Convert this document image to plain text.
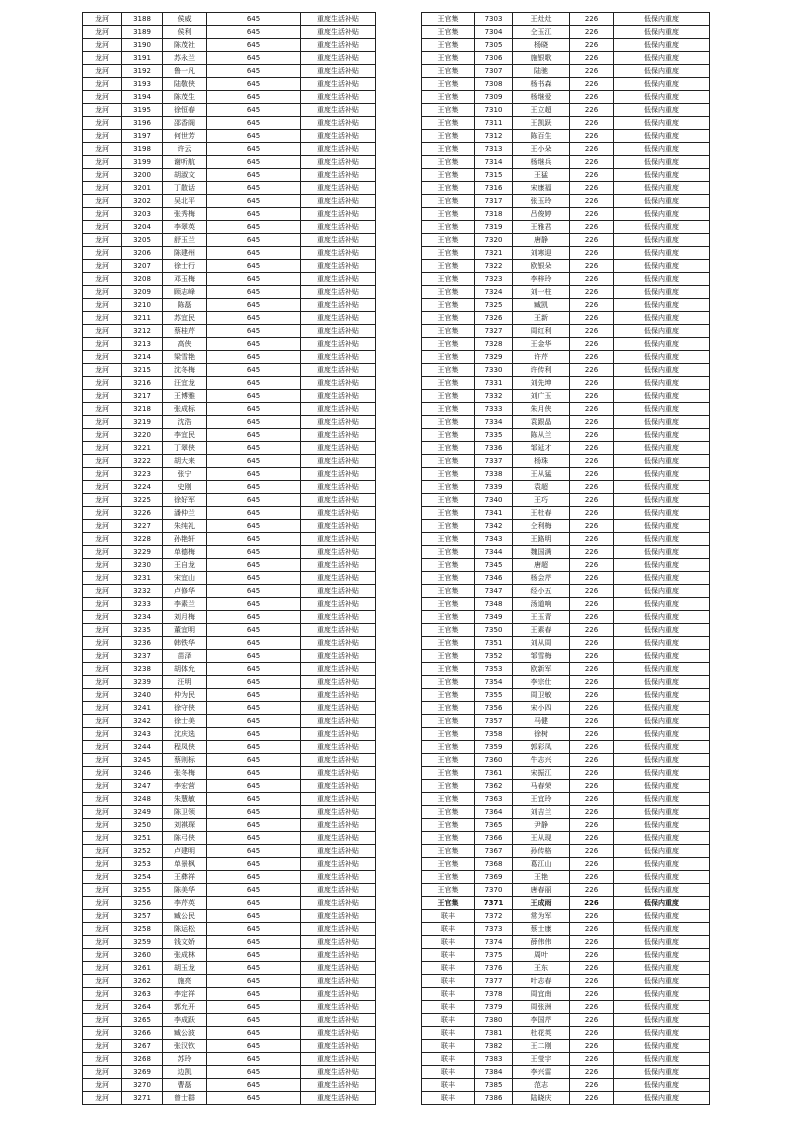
龙河	3188	侯威	645	重度生活补贴
龙河	3189	侯利	645	重度生活补贴
龙河	3190	陈茂社	645	重度生活补贴
龙河	3191	苏永兰	645	重度生活补贴
龙河	3192	鲁一凡	645	重度生活补贴
龙河	3193	陆敬侠	645	重度生活补贴
龙河	3194	陈茂生	645	重度生活补贴
龙河	3195	徐恒春	645	重度生活补贴
龙河	3196	邵香阁	645	重度生活补贴
龙河	3197	何世芳	645	重度生活补贴
龙河	3198	许云	645	重度生活补贴
龙河	3199	谢听航	645	重度生活补贴
龙河	3200	胡淑文	645	重度生活补贴
龙河	3201	丁散话	645	重度生活补贴
龙河	3202	吴北平	645	重度生活补贴
龙河	3203	张秀梅	645	重度生活补贴
龙河	3204	李翠英	645	重度生活补贴
龙河	3205	舒玉兰	645	重度生活补贴
龙河	3206	陈建州	645	重度生活补贴
龙河	3207	徐士行	645	重度生活补贴
龙河	3208	邓玉梅	645	重度生活补贴
龙河	3209	顾志峰	645	重度生活补贴
龙河	3210	陈磊	645	重度生活补贴
龙河	3211	苏宜民	645	重度生活补贴
龙河	3212	蔡桂芹	645	重度生活补贴
龙河	3213	高侠	645	重度生活补贴
龙河	3214	梁雪艳	645	重度生活补贴
龙河	3215	沈冬梅	645	重度生活补贴
龙河	3216	汪宜龙	645	重度生活补贴
龙河	3217	王博雅	645	重度生活补贴
龙河	3218	张成标	645	重度生活补贴
龙河	3219	沈浩	645	重度生活补贴
龙河	3220	李宜民	645	重度生活补贴
龙河	3221	丁翠侠	645	重度生活补贴
龙河	3222	胡大来	645	重度生活补贴
龙河	3223	张宁	645	重度生活补贴
龙河	3224	史刚	645	重度生活补贴
龙河	3225	徐好军	645	重度生活补贴
龙河	3226	潘仲兰	645	重度生活补贴
龙河	3227	朱纯礼	645	重度生活补贴
龙河	3228	孙艳轩	645	重度生活补贴
龙河	3229	单德梅	645	重度生活补贴
龙河	3230	王自龙	645	重度生活补贴
龙河	3231	宋宜山	645	重度生活补贴
龙河	3232	卢修华	645	重度生活补贴
龙河	3233	李素兰	645	重度生活补贴
龙河	3234	刘月梅	645	重度生活补贴
龙河	3235	董宜明	645	重度生活补贴
龙河	3236	韩铁华	645	重度生活补贴
龙河	3237	苗泽	645	重度生活补贴
龙河	3238	胡体允	645	重度生活补贴
龙河	3239	汪明	645	重度生活补贴
龙河	3240	仲为民	645	重度生活补贴
龙河	3241	徐守侠	645	重度生活补贴
龙河	3242	徐士美	645	重度生活补贴
龙河	3243	沈庆选	645	重度生活补贴
龙河	3244	程凤侠	645	重度生活补贴
龙河	3245	蔡则标	645	重度生活补贴
龙河	3246	张冬梅	645	重度生活补贴
龙河	3247	李宏营	645	重度生活补贴
龙河	3248	朱慧敏	645	重度生活补贴
龙河	3249	陈卫领	645	重度生活补贴
龙河	3250	刘祺琛	645	重度生活补贴
龙河	3251	陈弓侠	645	重度生活补贴
龙河	3252	卢建明	645	重度生活补贴
龙河	3253	单景枫	645	重度生活补贴
龙河	3254	王彝祥	645	重度生活补贴
龙河	3255	陈美华	645	重度生活补贴
龙河	3256	李芹英	645	重度生活补贴
龙河	3257	臧公民	645	重度生活补贴
龙河	3258	陈运松	645	重度生活补贴
龙河	3259	钱文娇	645	重度生活补贴
龙河	3260	张成林	645	重度生活补贴
龙河	3261	胡玉龙	645	重度生活补贴
龙河	3262	施亮	645	重度生活补贴
龙河	3263	李定祥	645	重度生活补贴
龙河	3264	郭允开	645	重度生活补贴
龙河	3265	李成跃	645	重度生活补贴
龙河	3266	臧公波	645	重度生活补贴
龙河	3267	张汉钦	645	重度生活补贴
龙河	3268	苏玲	645	重度生活补贴
龙河	3269	边凯	645	重度生活补贴
龙河	3270	曹磊	645	重度生活补贴
龙河	3271	曾士群	645	重度生活补贴
王官集	7303	王灶灶	226	低保内重度
王官集	7304	仝玉江	226	低保内重度
王官集	7305	杨晓	226	低保内重度
王官集	7306	施银歌	226	低保内重度
王官集	7307	陆驰	226	低保内重度
王官集	7308	杨书森	226	低保内重度
王官集	7309	杨继爱	226	低保内重度
王官集	7310	王立超	226	低保内重度
王官集	7311	王凯跃	226	低保内重度
王官集	7312	陈百生	226	低保内重度
王官集	7313	王小朵	226	低保内重度
王官集	7314	杨继兵	226	低保内重度
王官集	7315	王猛	226	低保内重度
王官集	7316	宋康福	226	低保内重度
王官集	7317	张玉玲	226	低保内重度
王官集	7318	吕俊婷	226	低保内重度
王官集	7319	王雅君	226	低保内重度
王官集	7320	唐静	226	低保内重度
王官集	7321	刘寒迎	226	低保内重度
王官集	7322	欧银朵	226	低保内重度
王官集	7323	李梓玲	226	低保内重度
王官集	7324	刘一柱	226	低保内重度
王官集	7325	臧凯	226	低保内重度
王官集	7326	王新	226	低保内重度
王官集	7327	周红利	226	低保内重度
王官集	7328	王金华	226	低保内重度
王官集	7329	许芹	226	低保内重度
王官集	7330	许传利	226	低保内重度
王官集	7331	刘先坤	226	低保内重度
王官集	7332	刘广玉	226	低保内重度
王官集	7333	朱月侠	226	低保内重度
王官集	7334	袁跟晶	226	低保内重度
王官集	7335	陈从兰	226	低保内重度
王官集	7336	邹延才	226	低保内重度
王官集	7337	杨珠	226	低保内重度
王官集	7338	王从猛	226	低保内重度
王官集	7339	袁超	226	低保内重度
王官集	7340	王巧	226	低保内重度
王官集	7341	王杜春	226	低保内重度
王官集	7342	仝利梅	226	低保内重度
王官集	7343	王路明	226	低保内重度
王官集	7344	魏国满	226	低保内重度
王官集	7345	唐超	226	低保内重度
王官集	7346	杨会芹	226	低保内重度
王官集	7347	经小五	226	低保内重度
王官集	7348	汤道响	226	低保内重度
王官集	7349	王玉青	226	低保内重度
王官集	7350	王素春	226	低保内重度
王官集	7351	刘从周	226	低保内重度
王官集	7352	邹雪梅	226	低保内重度
王官集	7353	欧新军	226	低保内重度
王官集	7354	李宗仕	226	低保内重度
王官集	7355	周卫敏	226	低保内重度
王官集	7356	宋小四	226	低保内重度
王官集	7357	马健	226	低保内重度
王官集	7358	徐树	226	低保内重度
王官集	7359	郭彩凤	226	低保内重度
王官集	7360	牛志兴	226	低保内重度
王官集	7361	宋振江	226	低保内重度
王官集	7362	马春荣	226	低保内重度
王官集	7363	王宜玲	226	低保内重度
王官集	7364	刘吉兰	226	低保内重度
王官集	7365	尹静	226	低保内重度
王官集	7366	王从现	226	低保内重度
王官集	7367	孙传格	226	低保内重度
王官集	7368	葛江山	226	低保内重度
王官集	7369	王艳	226	低保内重度
王官集	7370	唐春丽	226	低保内重度
王官集	7371	王成雨	226	低保内重度
联丰	7372	常为军	226	低保内重度
联丰	7373	蔡士康	226	低保内重度
联丰	7374	薛伟伟	226	低保内重度
联丰	7375	周叶	226	低保内重度
联丰	7376	王东	226	低保内重度
联丰	7377	叶志春	226	低保内重度
联丰	7378	周宜南	226	低保内重度
联丰	7379	周张洲	226	低保内重度
联丰	7380	李国芹	226	低保内重度
联丰	7381	杜花英	226	低保内重度
联丰	7382	王二刚	226	低保内重度
联丰	7383	王莹宇	226	低保内重度
联丰	7384	李兴雷	226	低保内重度
联丰	7385	范志	226	低保内重度
联丰	7386	陆晓庆	226	低保内重度
